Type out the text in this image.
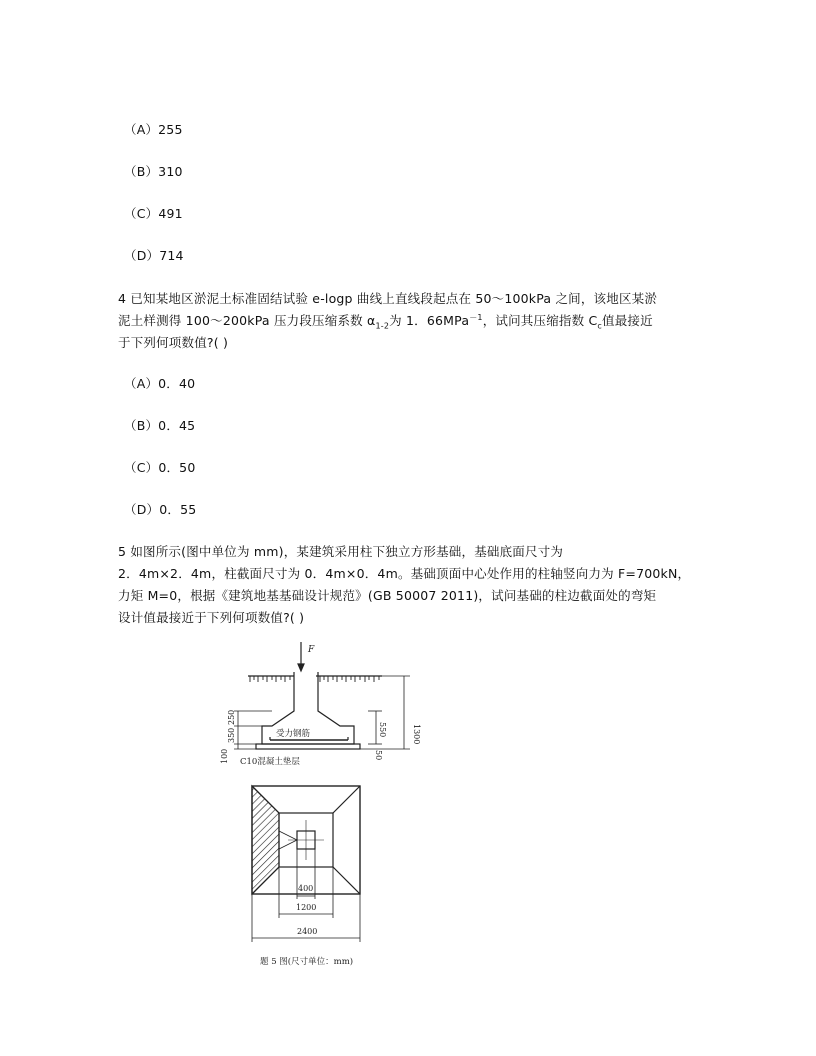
（A）255
（B）310
（C）491
（D）714
4 已知某地区淤泥土标准固结试验 e-logp 曲线上直线段起点在 50～100kPa 之间，该地区某淤
泥土样测得 100～200kPa 压力段压缩系数 $\alpha_{1-2}$为 1．66MPa$^{-1}$，试问其压缩指数 $C_c$值最接近
于下列何项数值?( )
（A）0．40
（B）0．45
（C）0．50
（D）0．55
5 如图所示(图中单位为 mm)，某建筑采用柱下独立方形基础，基础底面尺寸为
2．4m×2．4m，柱截面尺寸为 0．4m×0．4m。基础顶面中心处作用的柱轴竖向力为 F=700kN，
力矩 M=0，根据《建筑地基基础设计规范》(GB 50007 2011)，试问基础的柱边截面处的弯矩
设计值最接近于下列何项数值?( )
F
受力钢筋
C10混凝土垫层
250
350
100
1300
550
50
400
1200
2400
题 5 图(尺寸单位：mm)
